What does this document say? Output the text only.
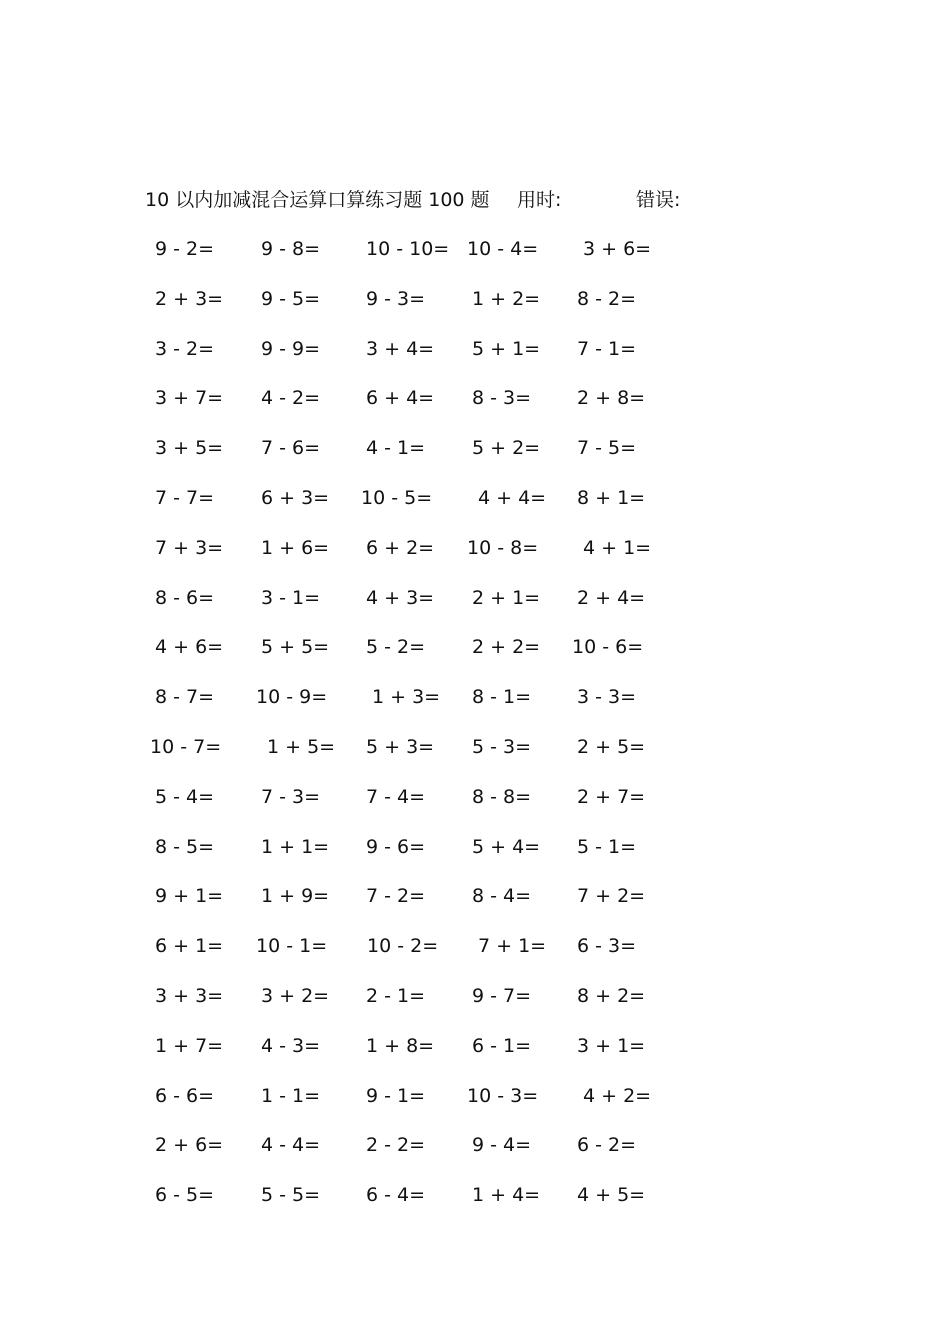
10 以内加减混合运算口算练习题 100 题 用时:	错误:
9 - 2= 9 - 8= 10 - 10= 10 - 4= 3 + 6=
2 + 3= 9 - 5= 9 - 3= 1 + 2= 8 - 2=
3 - 2= 9 - 9= 3 + 4= 5 + 1= 7 - 1=
3 + 7= 4 - 2= 6 + 4= 8 - 3= 2 + 8=
3 + 5= 7 - 6= 4 - 1= 5 + 2= 7 - 5=
7 - 7= 6 + 3= 10 - 5= 4 + 4= 8 + 1=
7 + 3= 1 + 6= 6 + 2= 10 - 8= 4 + 1=
8 - 6= 3 - 1= 4 + 3= 2 + 1= 2 + 4=
4 + 6= 5 + 5= 5 - 2= 2 + 2= 10 - 6=
8 - 7= 10 - 9= 1 + 3= 8 - 1= 3 - 3=
10 - 7= 1 + 5= 5 + 3= 5 - 3= 2 + 5=
5 - 4= 7 - 3= 7 - 4= 8 - 8= 2 + 7=
8 - 5= 1 + 1= 9 - 6= 5 + 4= 5 - 1=
9 + 1= 1 + 9= 7 - 2= 8 - 4= 7 + 2=
6 + 1= 10 - 1= 10 - 2= 7 + 1= 6 - 3=
3 + 3= 3 + 2= 2 - 1= 9 - 7= 8 + 2=
1 + 7= 4 - 3= 1 + 8= 6 - 1= 3 + 1=
6 - 6= 1 - 1= 9 - 1= 10 - 3= 4 + 2=
2 + 6= 4 - 4= 2 - 2= 9 - 4= 6 - 2=
6 - 5= 5 - 5= 6 - 4= 1 + 4= 4 + 5=
